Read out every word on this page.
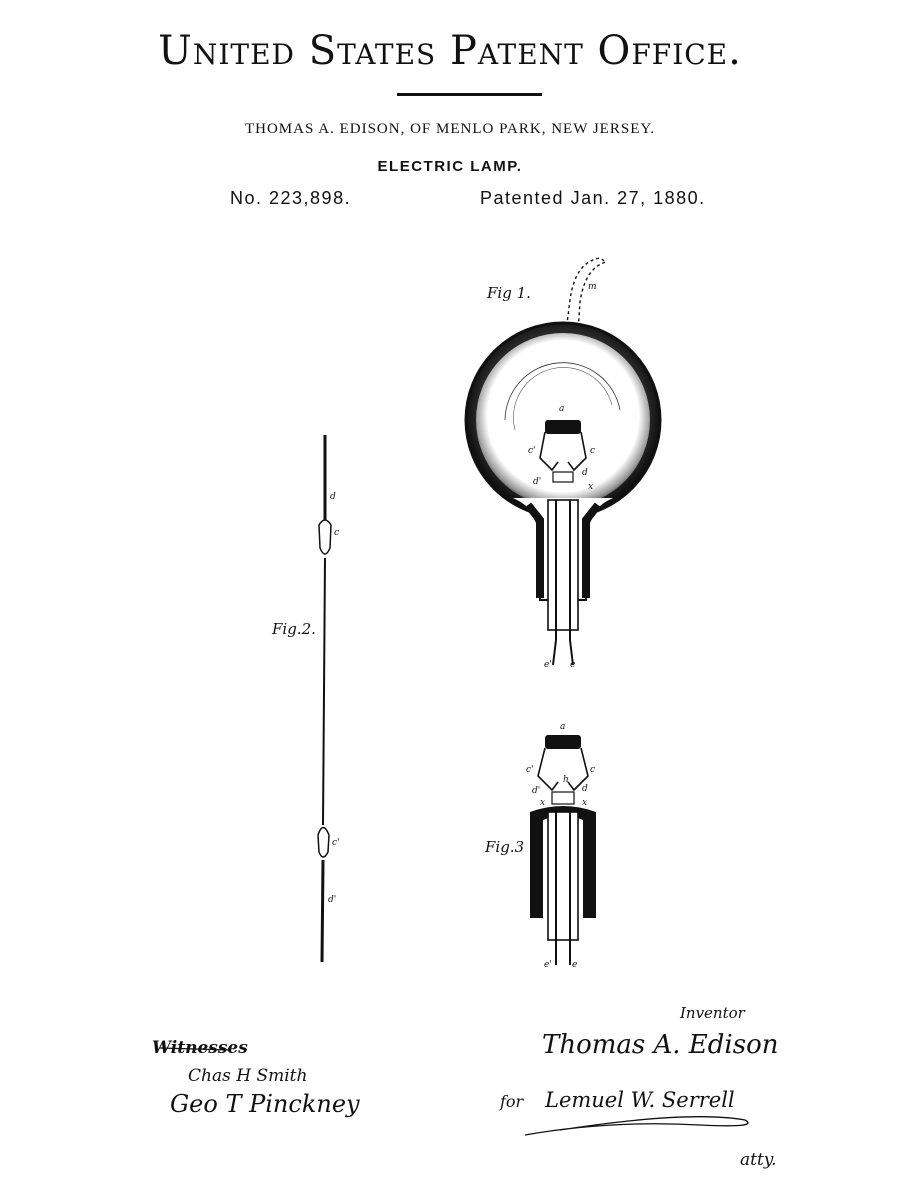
United States Patent Office.
THOMAS A. EDISON, OF MENLO PARK, NEW JERSEY.
ELECTRIC LAMP.
No. 223,898.	Patented Jan. 27, 1880.
Fig 1.
Fig.2.
Fig.3
m
a
c'	c
d'
d
x
e' e
d
c
c'
d'
a
c'	c
h
d'	d
x	x
e' e
Witnesses
Chas H Smith
Geo T Pinckney
Inventor
Thomas A. Edison
for Lemuel W. Serrell
atty.
